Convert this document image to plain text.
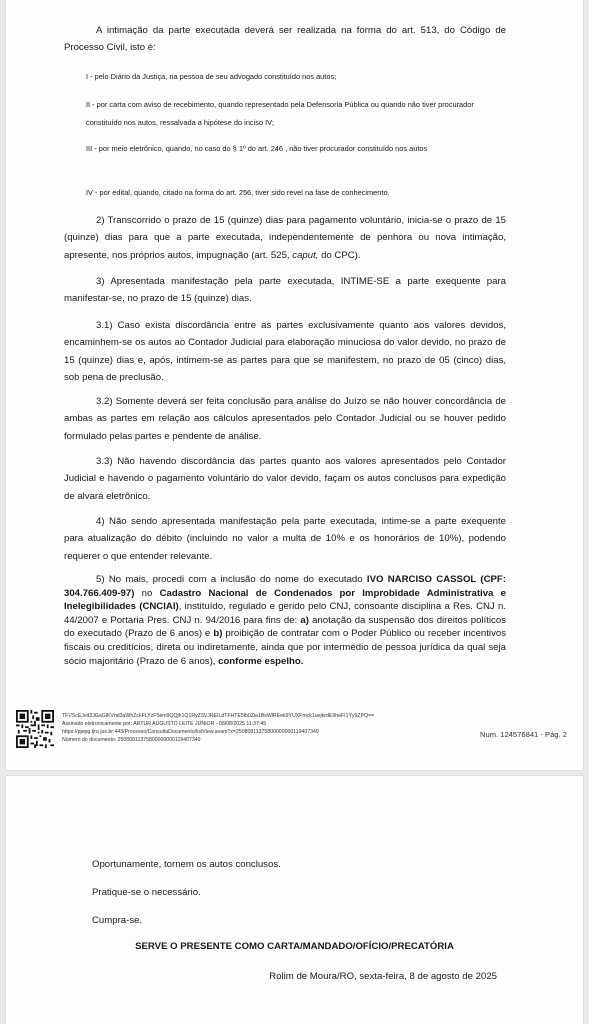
A intimação da parte executada deverá ser realizada na forma do art. 513, do Código de Processo Civil, isto é:
I - pelo Diário da Justiça, na pessoa de seu advogado constituído nos autos;
II - por carta com aviso de recebimento, quando representado pela Defensoria Pública ou quando não tiver procurador constituído nos autos, ressalvada a hipótese do inciso IV;
III - por meio eletrônico, quando, no caso do § 1º do art. 246 , não tiver procurador constituído nos autos
IV - por edital, quando, citado na forma do art. 256, tiver sido revel na fase de conhecimento.
2) Transcorrido o prazo de 15 (quinze) dias para pagamento voluntário, inicia-se o prazo de 15 (quinze) dias para que a parte executada, independentemente de penhora ou nova intimação, apresente, nos próprios autos, impugnação (art. 525, caput, do CPC).
3) Apresentada manifestação pela parte executada, INTIME-SE a parte exequente para manifestar-se, no prazo de 15 (quinze) dias.
3.1) Caso exista discordância entre as partes exclusivamente quanto aos valores devidos, encaminhem-se os autos ao Contador Judicial para elaboração minuciosa do valor devido, no prazo de 15 (quinze) dias e, após, intimem-se as partes para que se manifestem, no prazo de 05 (cinco) dias, sob pena de preclusão.
3.2) Somente deverá ser feita conclusão para análise do Juízo se não houver concordância de ambas as partes em relação aos cálculos apresentados pelo Contador Judicial ou se houver pedido formulado pelas partes e pendente de análise.
3.3) Não havendo discordância das partes quanto aos valores apresentados pelo Contador Judicial e havendo o pagamento voluntário do valor devido, façam os autos conclusos para expedição de alvará eletrônico.
4) Não sendo apresentada manifestação pela parte executada, intime-se a parte exequente para atualização do débito (incluindo no valor a multa de 10% e os honorários de 10%), podendo requerer o que entender relevante.
5) No mais, procedi com a inclusão do nome do executado IVO NARCISO CASSOL (CPF: 304.766.409-97) no Cadastro Nacional de Condenados por Improbidade Administrativa e Inelegibilidades (CNCIAI), instituído, regulado e gerido pelo CNJ, consoante disciplina a Res. CNJ n. 44/2007 e Portaria Pres. CNJ n. 94/2016 para fins de: a) anotação da suspensão dos direitos políticos do executado (Prazo de 6 anos) e b) proibição de contratar com o Poder Público ou receber incentivos fiscais ou creditícios, direta ou indiretamente, ainda que por intermédio de pessoa jurídica da qual seja sócio majoritário (Prazo de 6 anos), conforme espelho.
TFVScEJvd2JGaGlKVnd3aWhZckFLYzF5em9QQjh1Q1RyZ3VJREILdTFHTE5lb0Zia1BsWlREek9YUXFmck1uejkrdE9heFI1Yy9ZPQ==
Assinado eletronicamente por: ARTUR AUGUSTO LEITE JUNIOR - 08/08/2025 11:37:45
https://pjepg.tjro.jus.br:443/Processo/ConsultaDocumento/listView.seam?x=25080811375800000000119407349
Número do documento: 25080811375800000000119407349
Num. 124576841 - Pág. 2
Oportunamente, tornem os autos conclusos.
Pratique-se o necessário.
Cumpra-se.
SERVE O PRESENTE COMO CARTA/MANDADO/OFÍCIO/PRECATÓRIA
Rolim de Moura/RO, sexta-feira, 8 de agosto de 2025
